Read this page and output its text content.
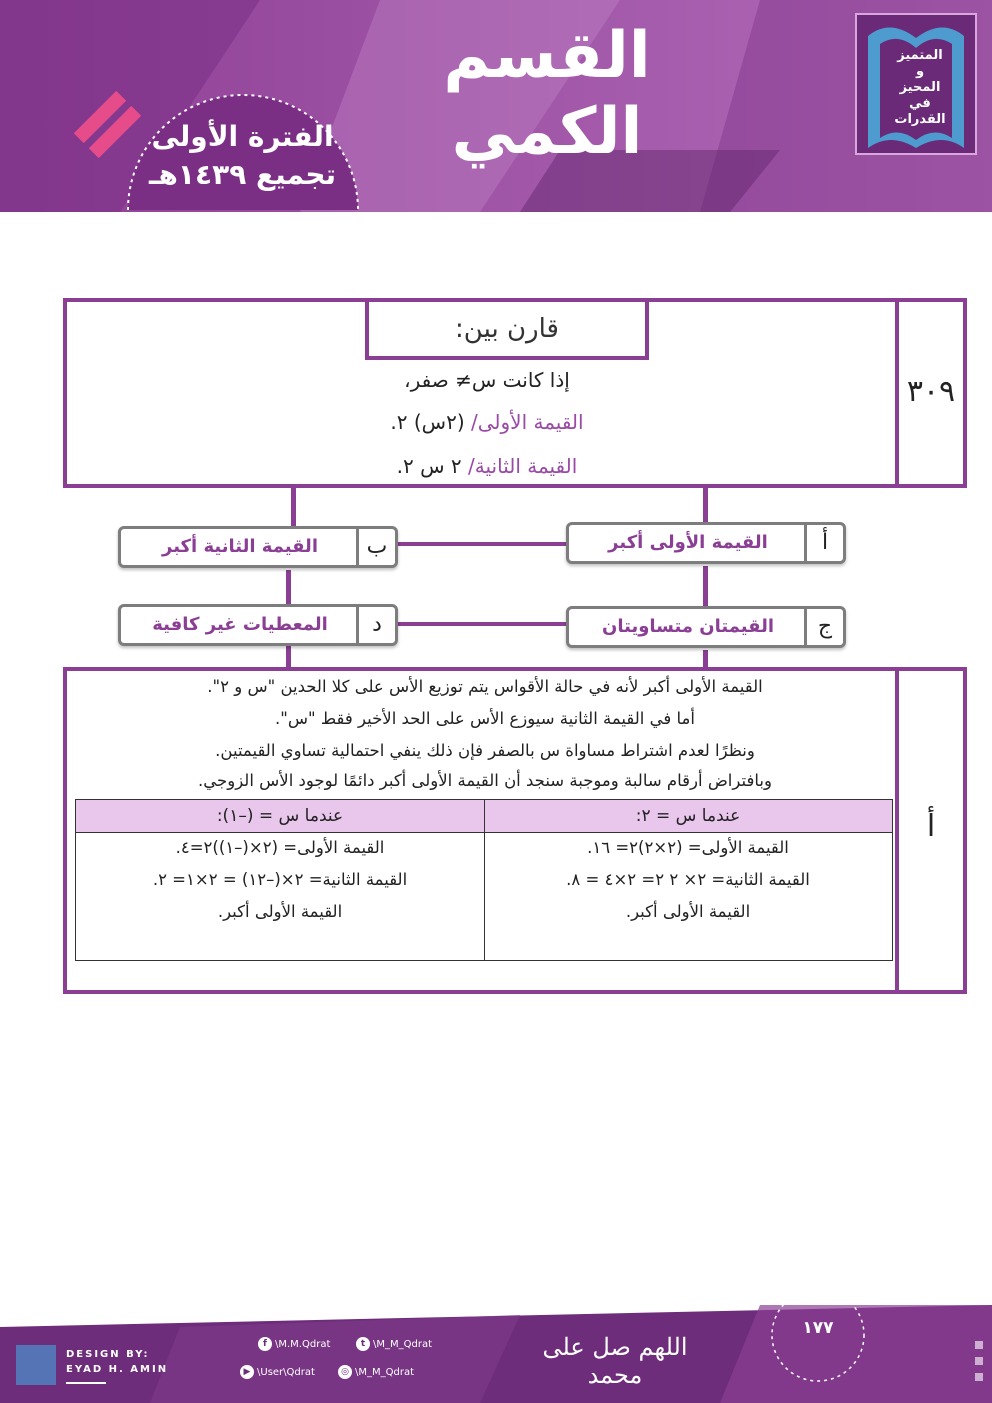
الفترة الأولى
تجميع ١٤٣٩هـ
القسم
الكمي
المتميز
و
المحيز
في
القدرات
٣٠٩
قارن بين:
إذا كانت س≠ صفر،
القيمة الأولى/ (٢س) ٢.
القيمة الثانية/ ٢ س ٢.
أ
القيمة الأولى أكبر
ب
القيمة الثانية أكبر
ج
القيمتان متساويتان
د
المعطيات غير كافية
أ
القيمة الأولى أكبر لأنه في حالة الأقواس يتم توزيع الأس على كلا الحدين "س و ٢".
أما في القيمة الثانية سيوزع الأس على الحد الأخير فقط "س".
ونظرًا لعدم اشتراط مساواة س بالصفر فإن ذلك ينفي احتمالية تساوي القيمتين.
وبافتراض أرقام سالبة وموجبة سنجد أن القيمة الأولى أكبر دائمًا لوجود الأس الزوجي.
عندما س = ٢:
القيمة الأولى= (٢×٢)٢= ١٦.
القيمة الثانية= ٢× ٢ ٢= ٢×٤ = ٨.
القيمة الأولى أكبر.
عندما س = (–١):
القيمة الأولى= (٢×(–١))٢=٤.
القيمة الثانية= ٢×(–١٢) = ٢×١= ٢.
القيمة الأولى أكبر.
DESIGN BY:
EYAD H. AMIN
f \M.M.Qdrat	t \M_M_Qdrat
▶ \User\Qdrat	◎ \M_M_Qdrat
اللهم صل على محمد
١٧٧
